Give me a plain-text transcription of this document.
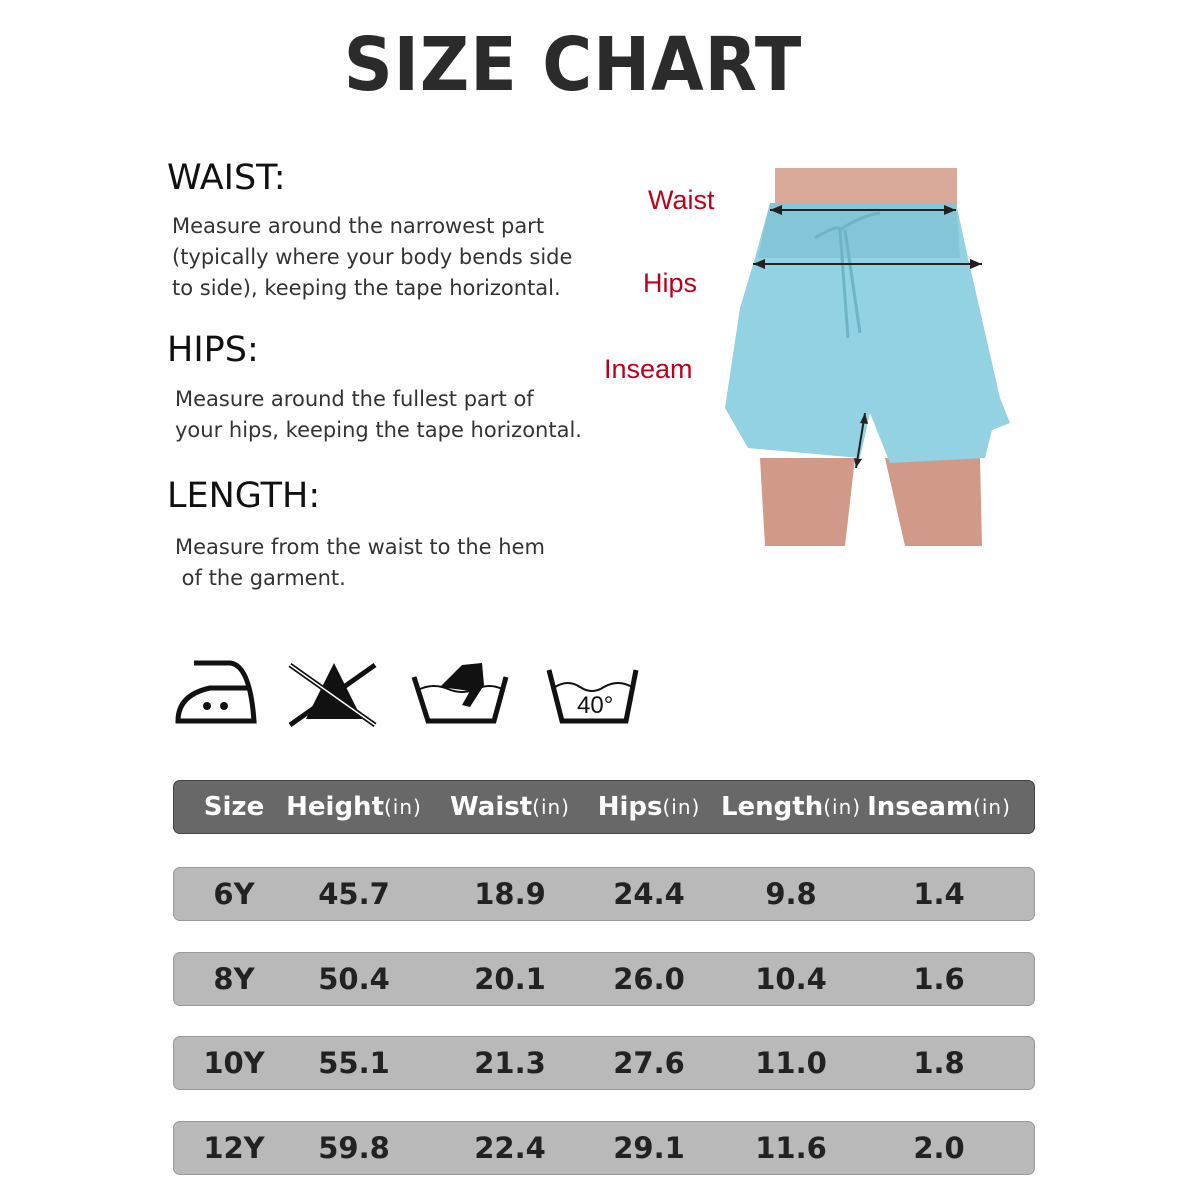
SIZE CHART
WAIST:
Measure around the narrowest part
(typically where your body bends side
to side), keeping the tape horizontal.
HIPS:
Measure around the fullest part of
your hips, keeping the tape horizontal.
LENGTH:
Measure from the waist to the hem
of the garment.
Waist
Hips
Inseam
40°
Size Height (in) Waist (in) Hips (in) Length (in) Inseam (in)
6Y	45.7	18.9	24.4	9.8	1.4
8Y	50.4	20.1	26.0	10.4	1.6
10Y	55.1	21.3	27.6	11.0	1.8
12Y	59.8	22.4	29.1	11.6	2.0
